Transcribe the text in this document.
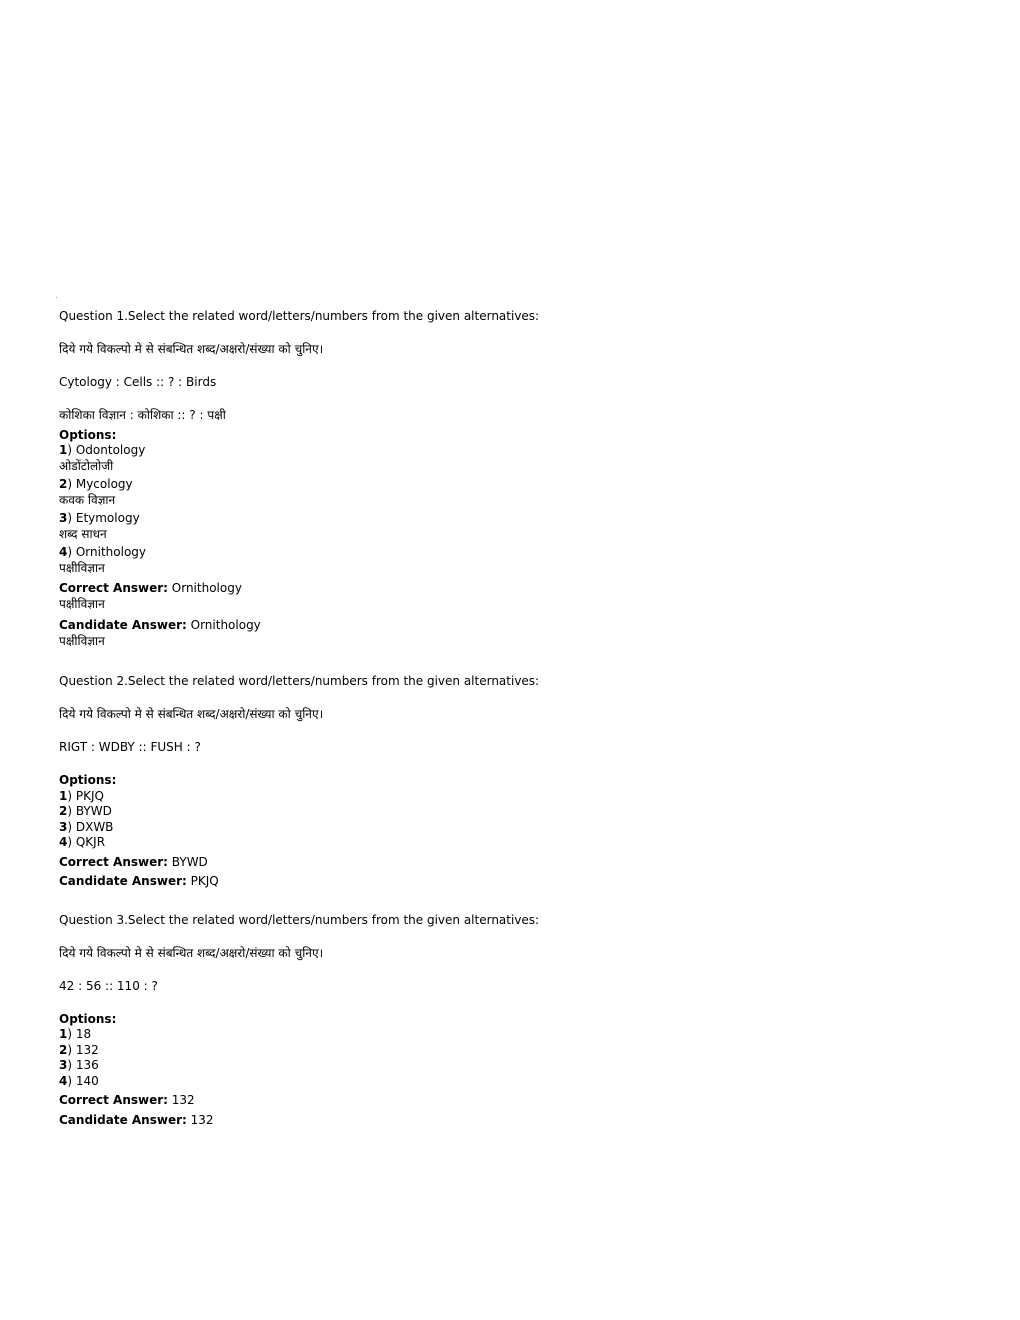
Question 1.Select the related word/letters/numbers from the given alternatives:

दिये गये विकल्पो मे से संबन्धित शब्द/अक्षरो/संख्या को चुनिए।

Cytology : Cells :: ? : Birds

कोशिका विज्ञान : कोशिका :: ? : पक्षी

Options:

1) Odontology

ओडोंटोलोजी

2) Mycology

कवक विज्ञान

3) Etymology

शब्द साधन

4) Ornithology

पक्षीविज्ञान

Correct Answer: Ornithology

पक्षीविज्ञान

Candidate Answer: Ornithology

पक्षीविज्ञान

Question 2.Select the related word/letters/numbers from the given alternatives:

दिये गये विकल्पो मे से संबन्धित शब्द/अक्षरो/संख्या को चुनिए।

RIGT : WDBY :: FUSH : ?

Options:

1) PKJQ

2) BYWD

3) DXWB

4) QKJR

Correct Answer: BYWD

Candidate Answer: PKJQ

Question 3.Select the related word/letters/numbers from the given alternatives:

दिये गये विकल्पो मे से संबन्धित शब्द/अक्षरो/संख्या को चुनिए।

42 : 56 :: 110 : ?

Options:

1) 18

2) 132

3) 136

4) 140

Correct Answer: 132

Candidate Answer: 132
